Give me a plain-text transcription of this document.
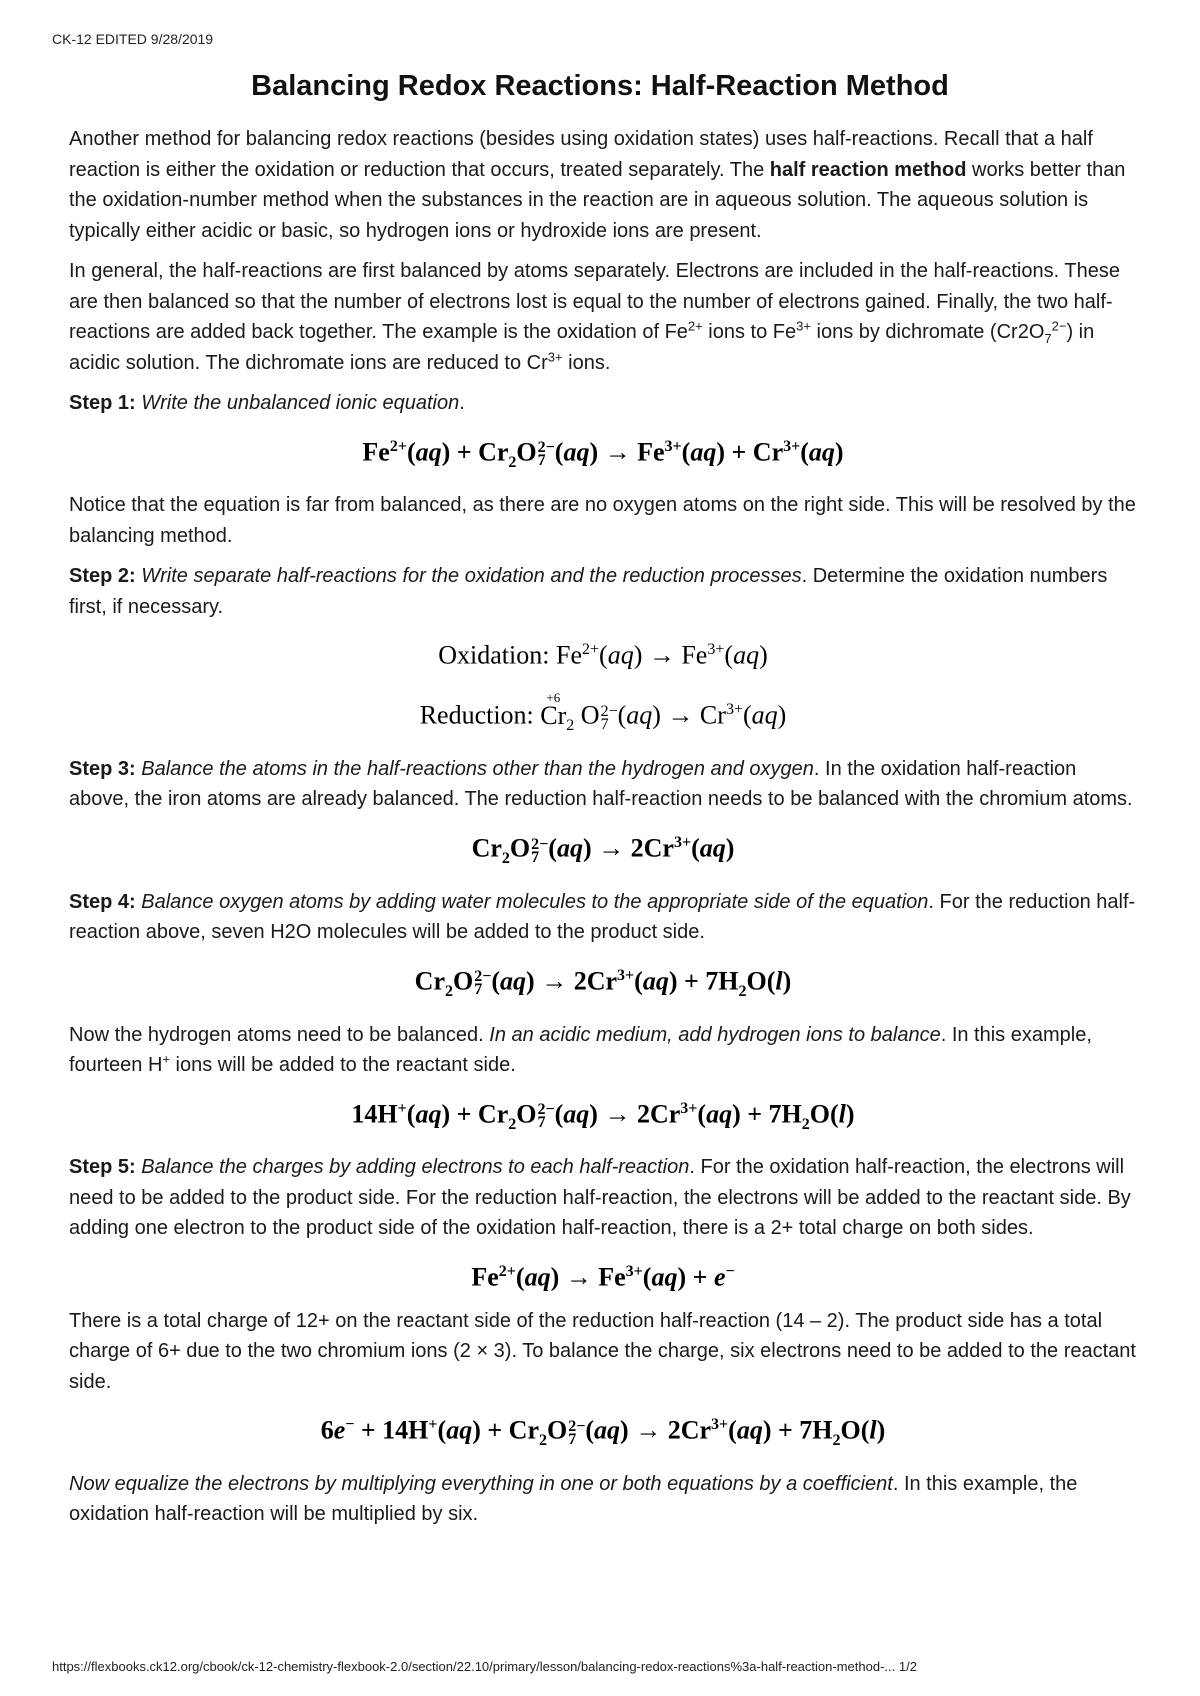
CK-12 EDITED 9/28/2019
Balancing Redox Reactions: Half-Reaction Method

Another method for balancing redox reactions (besides using oxidation states) uses half-reactions. Recall that a half reaction is either the oxidation or reduction that occurs, treated separately. The half reaction method works better than the oxidation-number method when the substances in the reaction are in aqueous solution. The aqueous solution is typically either acidic or basic, so hydrogen ions or hydroxide ions are present.

In general, the half-reactions are first balanced by atoms separately. Electrons are included in the half-reactions. These are then balanced so that the number of electrons lost is equal to the number of electrons gained. Finally, the two half-reactions are added back together. The example is the oxidation of $Fe^{2+}$ ions to $Fe^{3+}$ ions by dichromate $(Cr2O_7^{2-})$ in acidic solution. The dichromate ions are reduced to $Cr^{3+}$ ions.

Step 1: Write the unbalanced ionic equation.

$Fe^{2+}(aq) + Cr_2O$ 2−
7 $(aq) \to Fe^{3+}(aq) + Cr^{3+}(aq)$

Notice that the equation is far from balanced, as there are no oxygen atoms on the right side. This will be resolved by the balancing method.

Step 2: Write separate half-reactions for the oxidation and the reduction processes. Determine the oxidation numbers first, if necessary.

Oxidation: $Fe^{2+}(aq) \to Fe^{3+}(aq)$
Reduction: Cr
+6
$_2$ O 2−
7 $(aq) \to Cr^{3+}(aq)$

Step 3: Balance the atoms in the half-reactions other than the hydrogen and oxygen. In the oxidation half-reaction above, the iron atoms are already balanced. The reduction half-reaction needs to be balanced with the chromium atoms.

$Cr_2O$ 2−
7 $(aq) \to 2Cr^{3+}(aq)$

Step 4: Balance oxygen atoms by adding water molecules to the appropriate side of the equation. For the reduction half-reaction above, seven H2O molecules will be added to the product side.

$Cr_2O$ 2−
7 $(aq) \to 2Cr^{3+}(aq) + 7H_2O(l)$

Now the hydrogen atoms need to be balanced. In an acidic medium, add hydrogen ions to balance. In this example, fourteen H+ ions will be added to the reactant side.

$14H^+(aq) + Cr_2O$ 2−
7 $(aq) \to 2Cr^{3+}(aq) + 7H_2O(l)$

Step 5: Balance the charges by adding electrons to each half-reaction. For the oxidation half-reaction, the electrons will need to be added to the product side. For the reduction half-reaction, the electrons will be added to the reactant side. By adding one electron to the product side of the oxidation half-reaction, there is a 2+ total charge on both sides.

$Fe^{2+}(aq) \to Fe^{3+}(aq) + e^-$

There is a total charge of 12+ on the reactant side of the reduction half-reaction (14 – 2). The product side has a total charge of 6+ due to the two chromium ions (2 × 3). To balance the charge, six electrons need to be added to the reactant side.

$6e^- + 14H^+(aq) + Cr_2O$ 2−
7 $(aq) \to 2Cr^{3+}(aq) + 7H_2O(l)$

Now equalize the electrons by multiplying everything in one or both equations by a coefficient. In this example, the oxidation half-reaction will be multiplied by six.

https://flexbooks.ck12.org/cbook/ck-12-chemistry-flexbook-2.0/section/22.10/primary/lesson/balancing-redox-reactions%3a-half-reaction-method-... 1/2
